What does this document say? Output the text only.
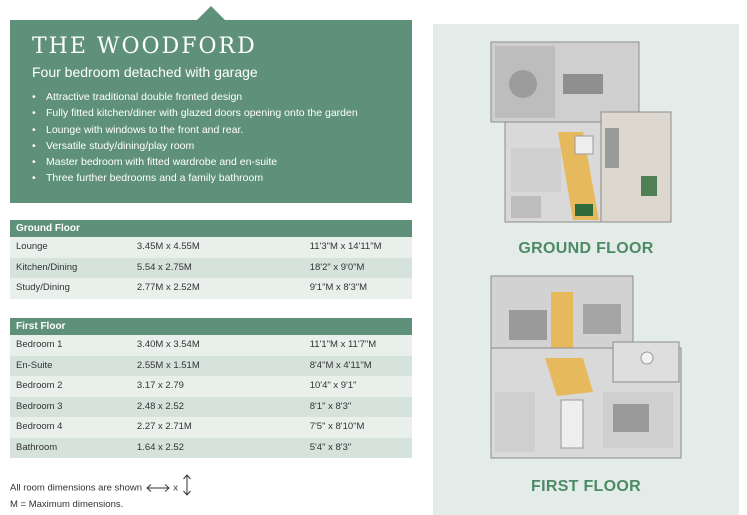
THE WOODFORD
Four bedroom detached with garage
• Attractive traditional double fronted design
• Fully fitted kitchen/diner with glazed doors opening onto the garden
• Lounge with windows to the front and rear.
• Versatile study/dining/play room
• Master bedroom with fitted wardrobe and en-suite
• Three further bedrooms and a family bathroom
Ground Floor
Lounge	3.45M x 4.55M	11'3"M x 14'11"M
Kitchen/Dining	5.54 x 2.75M	18'2" x 9'0"M
Study/Dining	2.77M x 2.52M	9'1"M x 8'3"M
First Floor
Bedroom 1	3.40M x 3.54M	11'1"M x 11'7"M
En-Suite	2.55M x 1.51M	8'4"M x 4'11"M
Bedroom 2	3.17 x 2.79	10'4" x 9'1"
Bedroom 3	2.48 x 2.52	8'1" x 8'3"
Bedroom 4	2.27 x 2.71M	7'5" x 8'10"M
Bathroom	1.64 x 2.52	5'4" x 8'3"
All room dimensions are shown	x
M = Maximum dimensions.
GROUND FLOOR
FIRST FLOOR
